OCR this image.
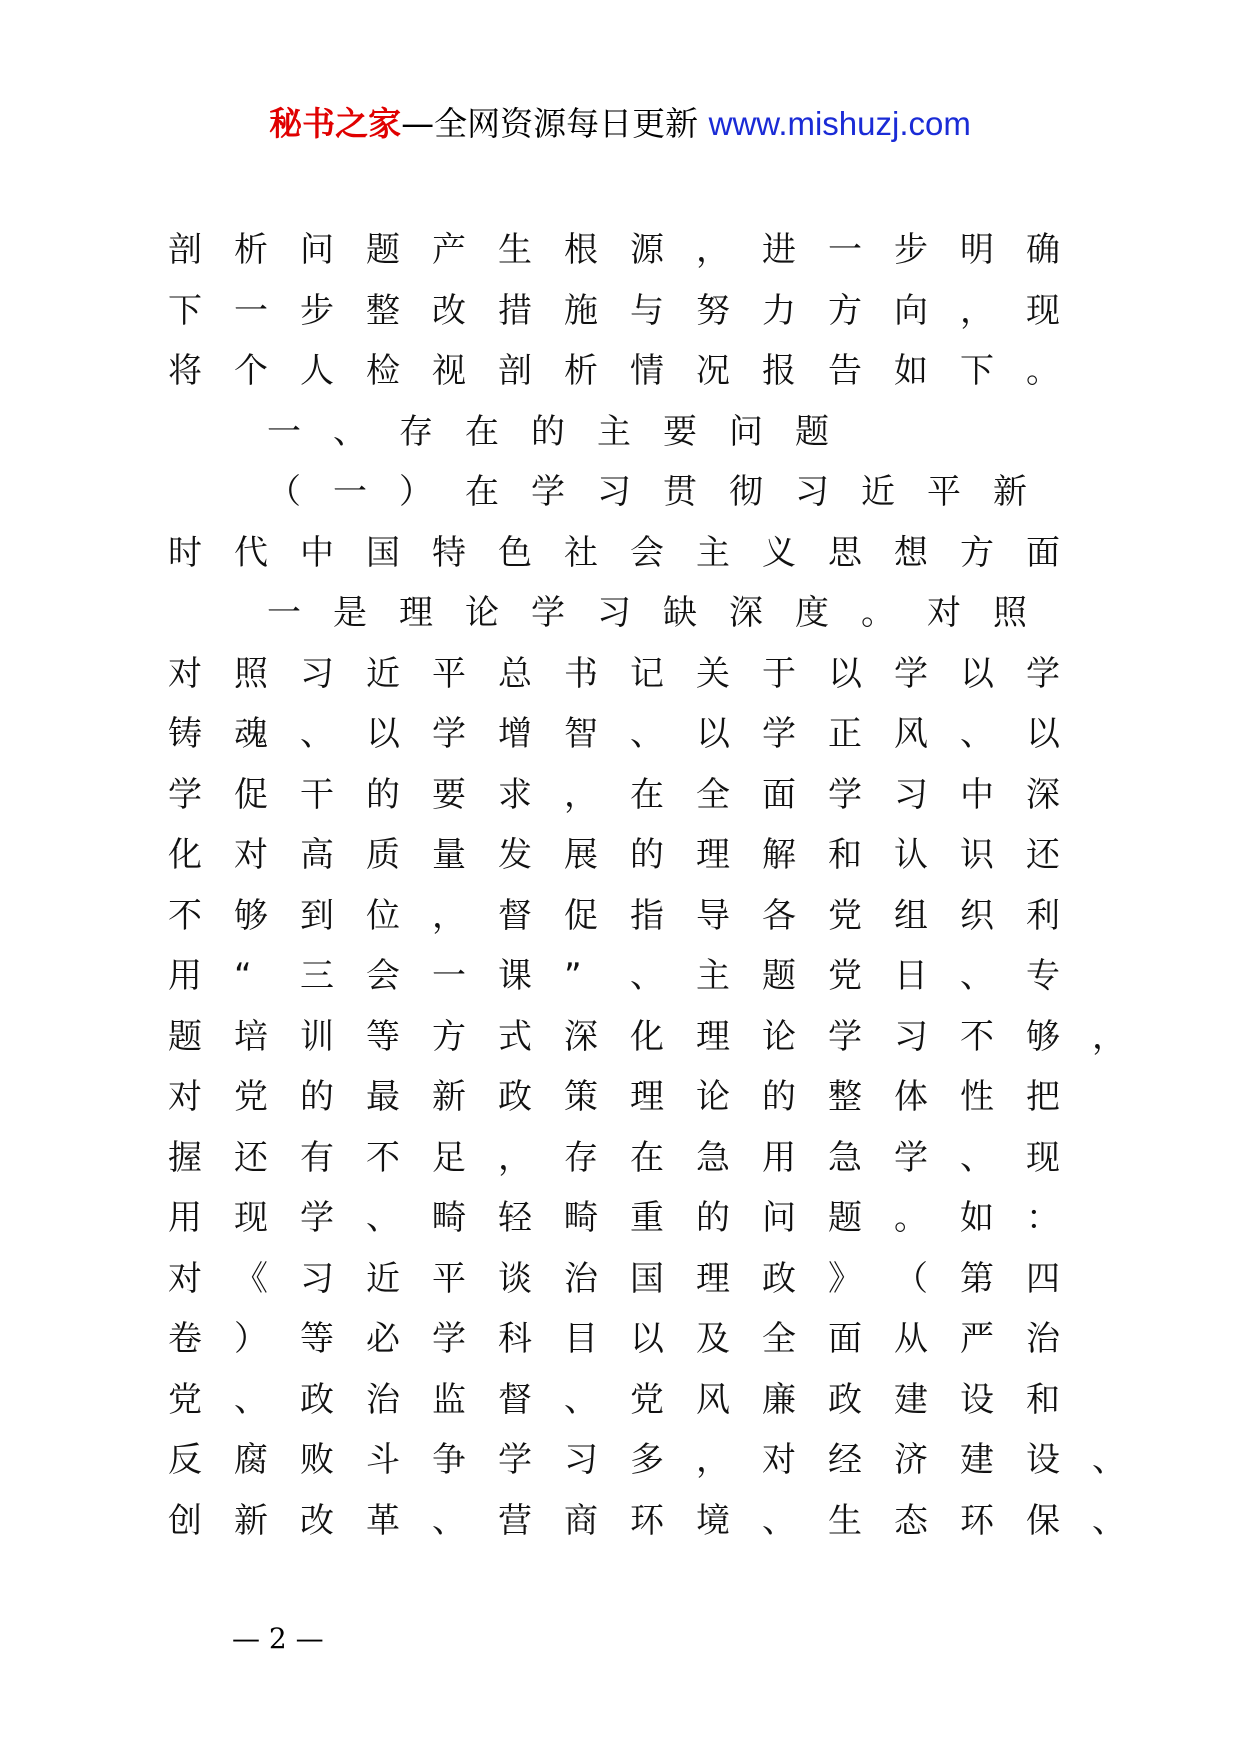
秘书之家—全网资源每日更新 www.mishuzj.com
剖 析 问 题 产 生 根 源 ， 进 一 步 明 确
下 一 步 整 改 措 施 与 努 力 方 向 ， 现
将 个 人 检 视 剖 析 情 况 报 告 如 下 。
一 、 存 在 的 主 要 问 题
（ 一 ） 在 学 习 贯 彻 习 近 平 新
时 代 中 国 特 色 社 会 主 义 思 想 方 面
一 是 理 论 学 习 缺 深 度 。 对 照
对 照 习 近 平 总 书 记 关 于 以 学 以 学
铸 魂 、 以 学 增 智 、 以 学 正 风 、 以
学 促 干 的 要 求 ， 在 全 面 学 习 中 深
化 对 高 质 量 发 展 的 理 解 和 认 识 还
不 够 到 位 ， 督 促 指 导 各 党 组 织 利
用 “ 三 会 一 课 ” 、 主 题 党 日 、 专
题 培 训 等 方 式 深 化 理 论 学 习 不 够 ，
对 党 的 最 新 政 策 理 论 的 整 体 性 把
握 还 有 不 足 ， 存 在 急 用 急 学 、 现
用 现 学 、 畸 轻 畸 重 的 问 题 。 如 ：
对 《 习 近 平 谈 治 国 理 政 》 （ 第 四
卷 ） 等 必 学 科 目 以 及 全 面 从 严 治
党 、 政 治 监 督 、 党 风 廉 政 建 设 和
反 腐 败 斗 争 学 习 多 ， 对 经 济 建 设 、
创 新 改 革 、 营 商 环 境 、 生 态 环 保 、
— 2 —
